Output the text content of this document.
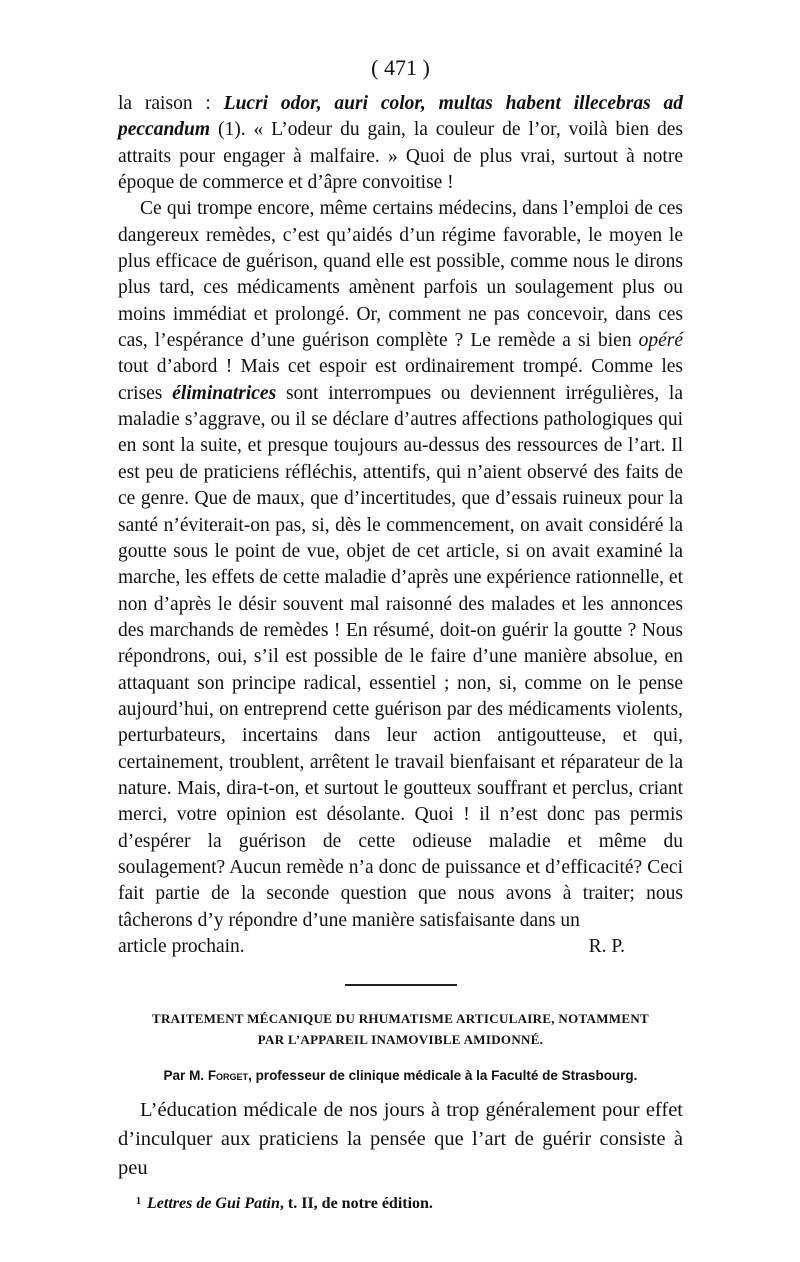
( 471 )

la raison : Lucri odor, auri color, multas habent illecebras ad peccandum (1). « L’odeur du gain, la couleur de l’or, voilà bien des attraits pour engager à malfaire. » Quoi de plus vrai, surtout à notre époque de commerce et d’âpre convoitise !

Ce qui trompe encore, même certains médecins, dans l’emploi de ces dangereux remèdes, c’est qu’aidés d’un régime favorable, le moyen le plus efficace de guérison, quand elle est possible, comme nous le dirons plus tard, ces médicaments amènent parfois un soulagement plus ou moins immédiat et prolongé. Or, comment ne pas concevoir, dans ces cas, l’espérance d’une guérison complète ? Le remède a si bien opéré tout d’abord ! Mais cet espoir est ordinairement trompé. Comme les crises éliminatrices sont interrompues ou deviennent irrégulières, la maladie s’aggrave, ou il se déclare d’autres affections pathologiques qui en sont la suite, et presque toujours au-dessus des ressources de l’art. Il est peu de praticiens réfléchis, attentifs, qui n’aient observé des faits de ce genre. Que de maux, que d’incertitudes, que d’essais ruineux pour la santé n’éviterait-on pas, si, dès le commencement, on avait considéré la goutte sous le point de vue, objet de cet article, si on avait examiné la marche, les effets de cette maladie d’après une expérience rationnelle, et non d’après le désir souvent mal raisonné des malades et les annonces des marchands de remèdes ! En résumé, doit-on guérir la goutte ? Nous répondrons, oui, s’il est possible de le faire d’une manière absolue, en attaquant son principe radical, essentiel ; non, si, comme on le pense aujourd’hui, on entreprend cette guérison par des médicaments violents, perturbateurs, incertains dans leur action antigoutteuse, et qui, certainement, troublent, arrêtent le travail bienfaisant et réparateur de la nature. Mais, dira-t-on, et surtout le goutteux souffrant et perclus, criant merci, votre opinion est désolante. Quoi ! il n’est donc pas permis d’espérer la guérison de cette odieuse maladie et même du soulagement? Aucun remède n’a donc de puissance et d’efficacité? Ceci fait partie de la seconde question que nous avons à traiter; nous tâcherons d’y répondre d’une manière satisfaisante dans un

article prochain.	R. P.

TRAITEMENT MÉCANIQUE DU RHUMATISME ARTICULAIRE, NOTAMMENT

PAR L’APPAREIL INAMOVIBLE AMIDONNÉ.

Par M. Forget, professeur de clinique médicale à la Faculté de Strasbourg.

L’éducation médicale de nos jours à trop généralement pour effet d’inculquer aux praticiens la pensée que l’art de guérir consiste à peu

$^1$ Lettres de Gui Patin, t. II, de notre édition.
